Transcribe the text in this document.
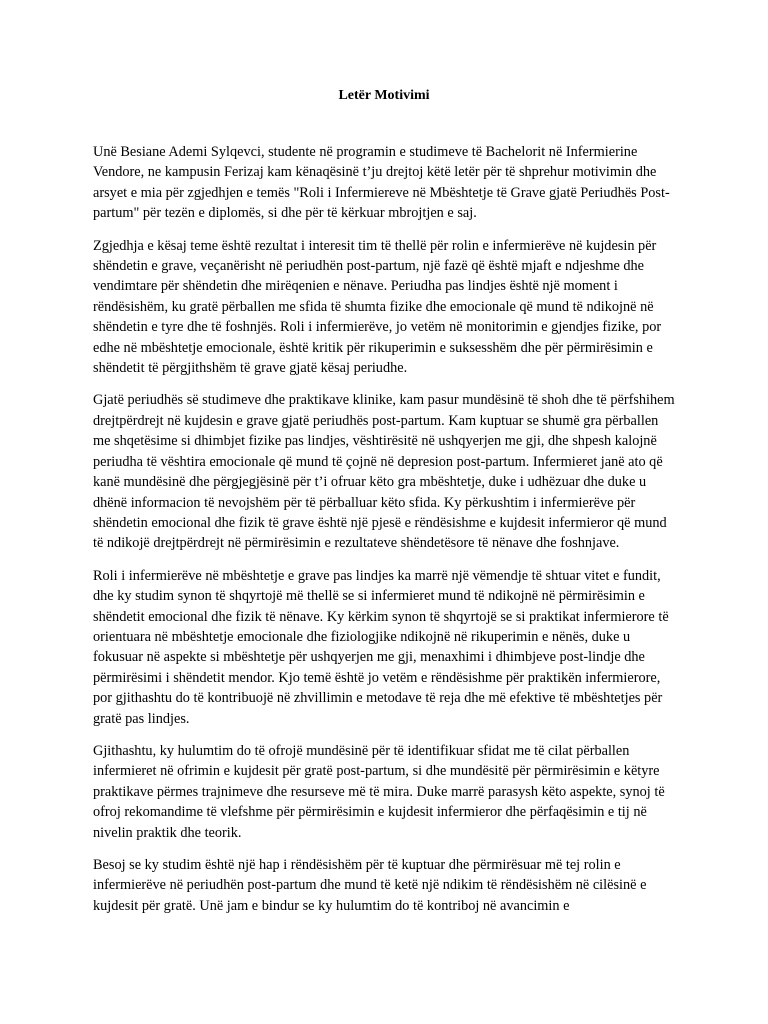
Letër Motivimi

Unë Besiane Ademi Sylqevci, studente në programin e studimeve të Bachelorit në Infermierine Vendore, ne kampusin Ferizaj kam kënaqësinë t’ju drejtoj këtë letër për të shprehur motivimin dhe arsyet e mia për zgjedhjen e temës "Roli i Infermiereve në Mbështetje të Grave gjatë Periudhës Post-partum" për tezën e diplomës, si dhe për të kërkuar mbrojtjen e saj.

Zgjedhja e kësaj teme është rezultat i interesit tim të thellë për rolin e infermierëve në kujdesin për shëndetin e grave, veçanërisht në periudhën post-partum, një fazë që është mjaft e ndjeshme dhe vendimtare për shëndetin dhe mirëqenien e nënave. Periudha pas lindjes është një moment i rëndësishëm, ku gratë përballen me sfida të shumta fizike dhe emocionale që mund të ndikojnë në shëndetin e tyre dhe të foshnjës. Roli i infermierëve, jo vetëm në monitorimin e gjendjes fizike, por edhe në mbështetje emocionale, është kritik për rikuperimin e suksesshëm dhe për përmirësimin e shëndetit të përgjithshëm të grave gjatë kësaj periudhe.

Gjatë periudhës së studimeve dhe praktikave klinike, kam pasur mundësinë të shoh dhe të përfshihem drejtpërdrejt në kujdesin e grave gjatë periudhës post-partum. Kam kuptuar se shumë gra përballen me shqetësime si dhimbjet fizike pas lindjes, vështirësitë në ushqyerjen me gji, dhe shpesh kalojnë periudha të vështira emocionale që mund të çojnë në depresion post-partum. Infermieret janë ato që kanë mundësinë dhe përgjegjësinë për t’i ofruar këto gra mbështetje, duke i udhëzuar dhe duke u dhënë informacion të nevojshëm për të përballuar këto sfida. Ky përkushtim i infermierëve për shëndetin emocional dhe fizik të grave është një pjesë e rëndësishme e kujdesit infermieror që mund të ndikojë drejtpërdrejt në përmirësimin e rezultateve shëndetësore të nënave dhe foshnjave.

Roli i infermierëve në mbështetje e grave pas lindjes ka marrë një vëmendje të shtuar vitet e fundit, dhe ky studim synon të shqyrtojë më thellë se si infermieret mund të ndikojnë në përmirësimin e shëndetit emocional dhe fizik të nënave. Ky kërkim synon të shqyrtojë se si praktikat infermierore të orientuara në mbështetje emocionale dhe fiziologjike ndikojnë në rikuperimin e nënës, duke u fokusuar në aspekte si mbështetje për ushqyerjen me gji, menaxhimi i dhimbjeve post-lindje dhe përmirësimi i shëndetit mendor. Kjo temë është jo vetëm e rëndësishme për praktikën infermierore, por gjithashtu do të kontribuojë në zhvillimin e metodave të reja dhe më efektive të mbështetjes për gratë pas lindjes.

Gjithashtu, ky hulumtim do të ofrojë mundësinë për të identifikuar sfidat me të cilat përballen infermieret në ofrimin e kujdesit për gratë post-partum, si dhe mundësitë për përmirësimin e këtyre praktikave përmes trajnimeve dhe resurseve më të mira. Duke marrë parasysh këto aspekte, synoj të ofroj rekomandime të vlefshme për përmirësimin e kujdesit infermieror dhe përfaqësimin e tij në nivelin praktik dhe teorik.

Besoj se ky studim është një hap i rëndësishëm për të kuptuar dhe përmirësuar më tej rolin e infermierëve në periudhën post-partum dhe mund të ketë një ndikim të rëndësishëm në cilësinë e kujdesit për gratë. Unë jam e bindur se ky hulumtim do të kontriboj në avancimin e
